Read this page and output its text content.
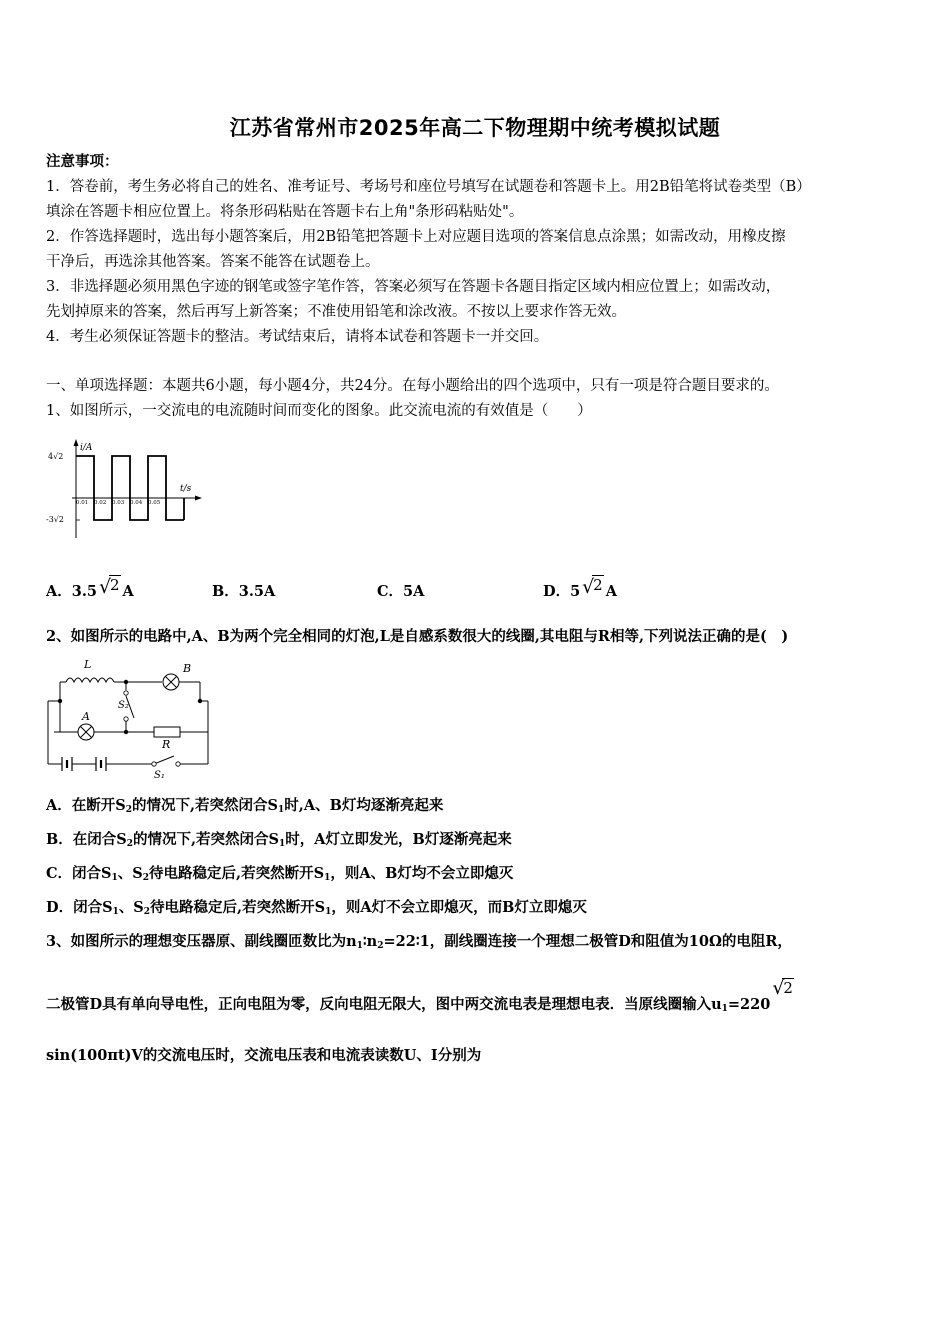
江苏省常州市2025年高二下物理期中统考模拟试题
注意事项：
1．答卷前，考生务必将自己的姓名、准考证号、考场号和座位号填写在试题卷和答题卡上。用2B铅笔将试卷类型（B）
填涂在答题卡相应位置上。将条形码粘贴在答题卡右上角"条形码粘贴处"。
2．作答选择题时，选出每小题答案后，用2B铅笔把答题卡上对应题目选项的答案信息点涂黑；如需改动，用橡皮擦
干净后，再选涂其他答案。答案不能答在试题卷上。
3．非选择题必须用黑色字迹的钢笔或签字笔作答，答案必须写在答题卡各题目指定区域内相应位置上；如需改动，
先划掉原来的答案，然后再写上新答案；不准使用铅笔和涂改液。不按以上要求作答无效。
4．考生必须保证答题卡的整洁。考试结束后，请将本试卷和答题卡一并交回。
一、单项选择题：本题共6小题，每小题4分，共24分。在每小题给出的四个选项中，只有一项是符合题目要求的。
1、如图所示，一交流电的电流随时间而变化的图象。此交流电流的有效值是（　　）
i/A
t/s
4√2
-3√2
0.01 0.02 0.03 0.04 0.05
A．3.5 √
2 A	B．3.5A	C．5A	D．5 √
2 A
2、如图所示的电路中,A、B为两个完全相同的灯泡,L是自感系数很大的线圈,其电阻与R相等,下列说法正确的是(　)
L	B
A
R
S₂
S₁
A．在断开$S_2$的情况下,若突然闭合$S_1$时,A、B灯均逐渐亮起来
B．在闭合$S_2$的情况下,若突然闭合$S_1$时，A灯立即发光，B灯逐渐亮起来
C．闭合$S_1$、$S_2$待电路稳定后,若突然断开$S_1$，则A、B灯均不会立即熄灭
D．闭合$S_1$、$S_2$待电路稳定后,若突然断开$S_1$，则A灯不会立即熄灭，而B灯立即熄灭
3、如图所示的理想变压器原、副线圈匝数比为$n_1∶n_2=22∶1$，副线圈连接一个理想二极管D和阻值为10Ω的电阻R，
二极管D具有单向导电性，正向电阻为零，反向电阻无限大，图中两交流电表是理想电表．当原线圈输入$u_1=220$
√
2
sin(100πt)V的交流电压时，交流电压表和电流表读数U、I分别为
